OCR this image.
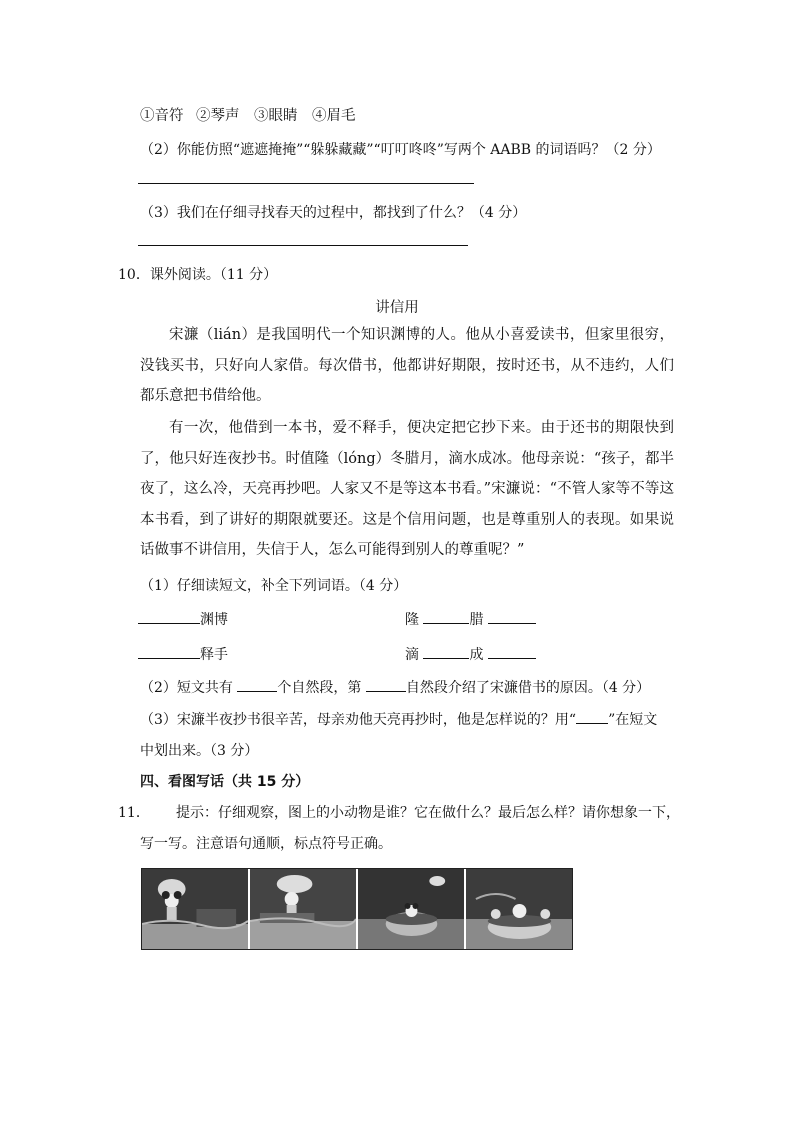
①音符 ②琴声 ③眼睛 ④眉毛
（2）你能仿照“遮遮掩掩”“躲躲藏藏”“叮叮咚咚”写两个 AABB 的词语吗？（2 分）
（3）我们在仔细寻找春天的过程中，都找到了什么？（4 分）
10．课外阅读。（11 分）
讲信用
宋濂（lián）是我国明代一个知识渊博的人。他从小喜爱读书，但家里很穷，没钱买书，只好向人家借。每次借书，他都讲好期限，按时还书，从不违约，人们都乐意把书借给他。
有一次，他借到一本书，爱不释手，便决定把它抄下来。由于还书的期限快到了，他只好连夜抄书。时值隆（lóng）冬腊月，滴水成冰。他母亲说：“孩子，都半夜了，这么冷，天亮再抄吧。人家又不是等这本书看。”宋濂说：“不管人家等不等这本书看，到了讲好的期限就要还。这是个信用问题，也是尊重别人的表现。如果说话做事不讲信用，失信于人，怎么可能得到别人的尊重呢？”
（1）仔细读短文，补全下列词语。（4 分）
渊博	隆	腊
释手	滴	成
（2）短文共有	个自然段，第	自然段介绍了宋濂借书的原因。（4 分）
（3）宋濂半夜抄书很辛苦，母亲劝他天亮再抄时，他是怎样说的？用“ ”在短文
中划出来。（3 分）
四、看图写话（共 15 分）
11． 提示：仔细观察，图上的小动物是谁？它在做什么？最后怎么样？请你想象一下，
写一写。注意语句通顺，标点符号正确。
